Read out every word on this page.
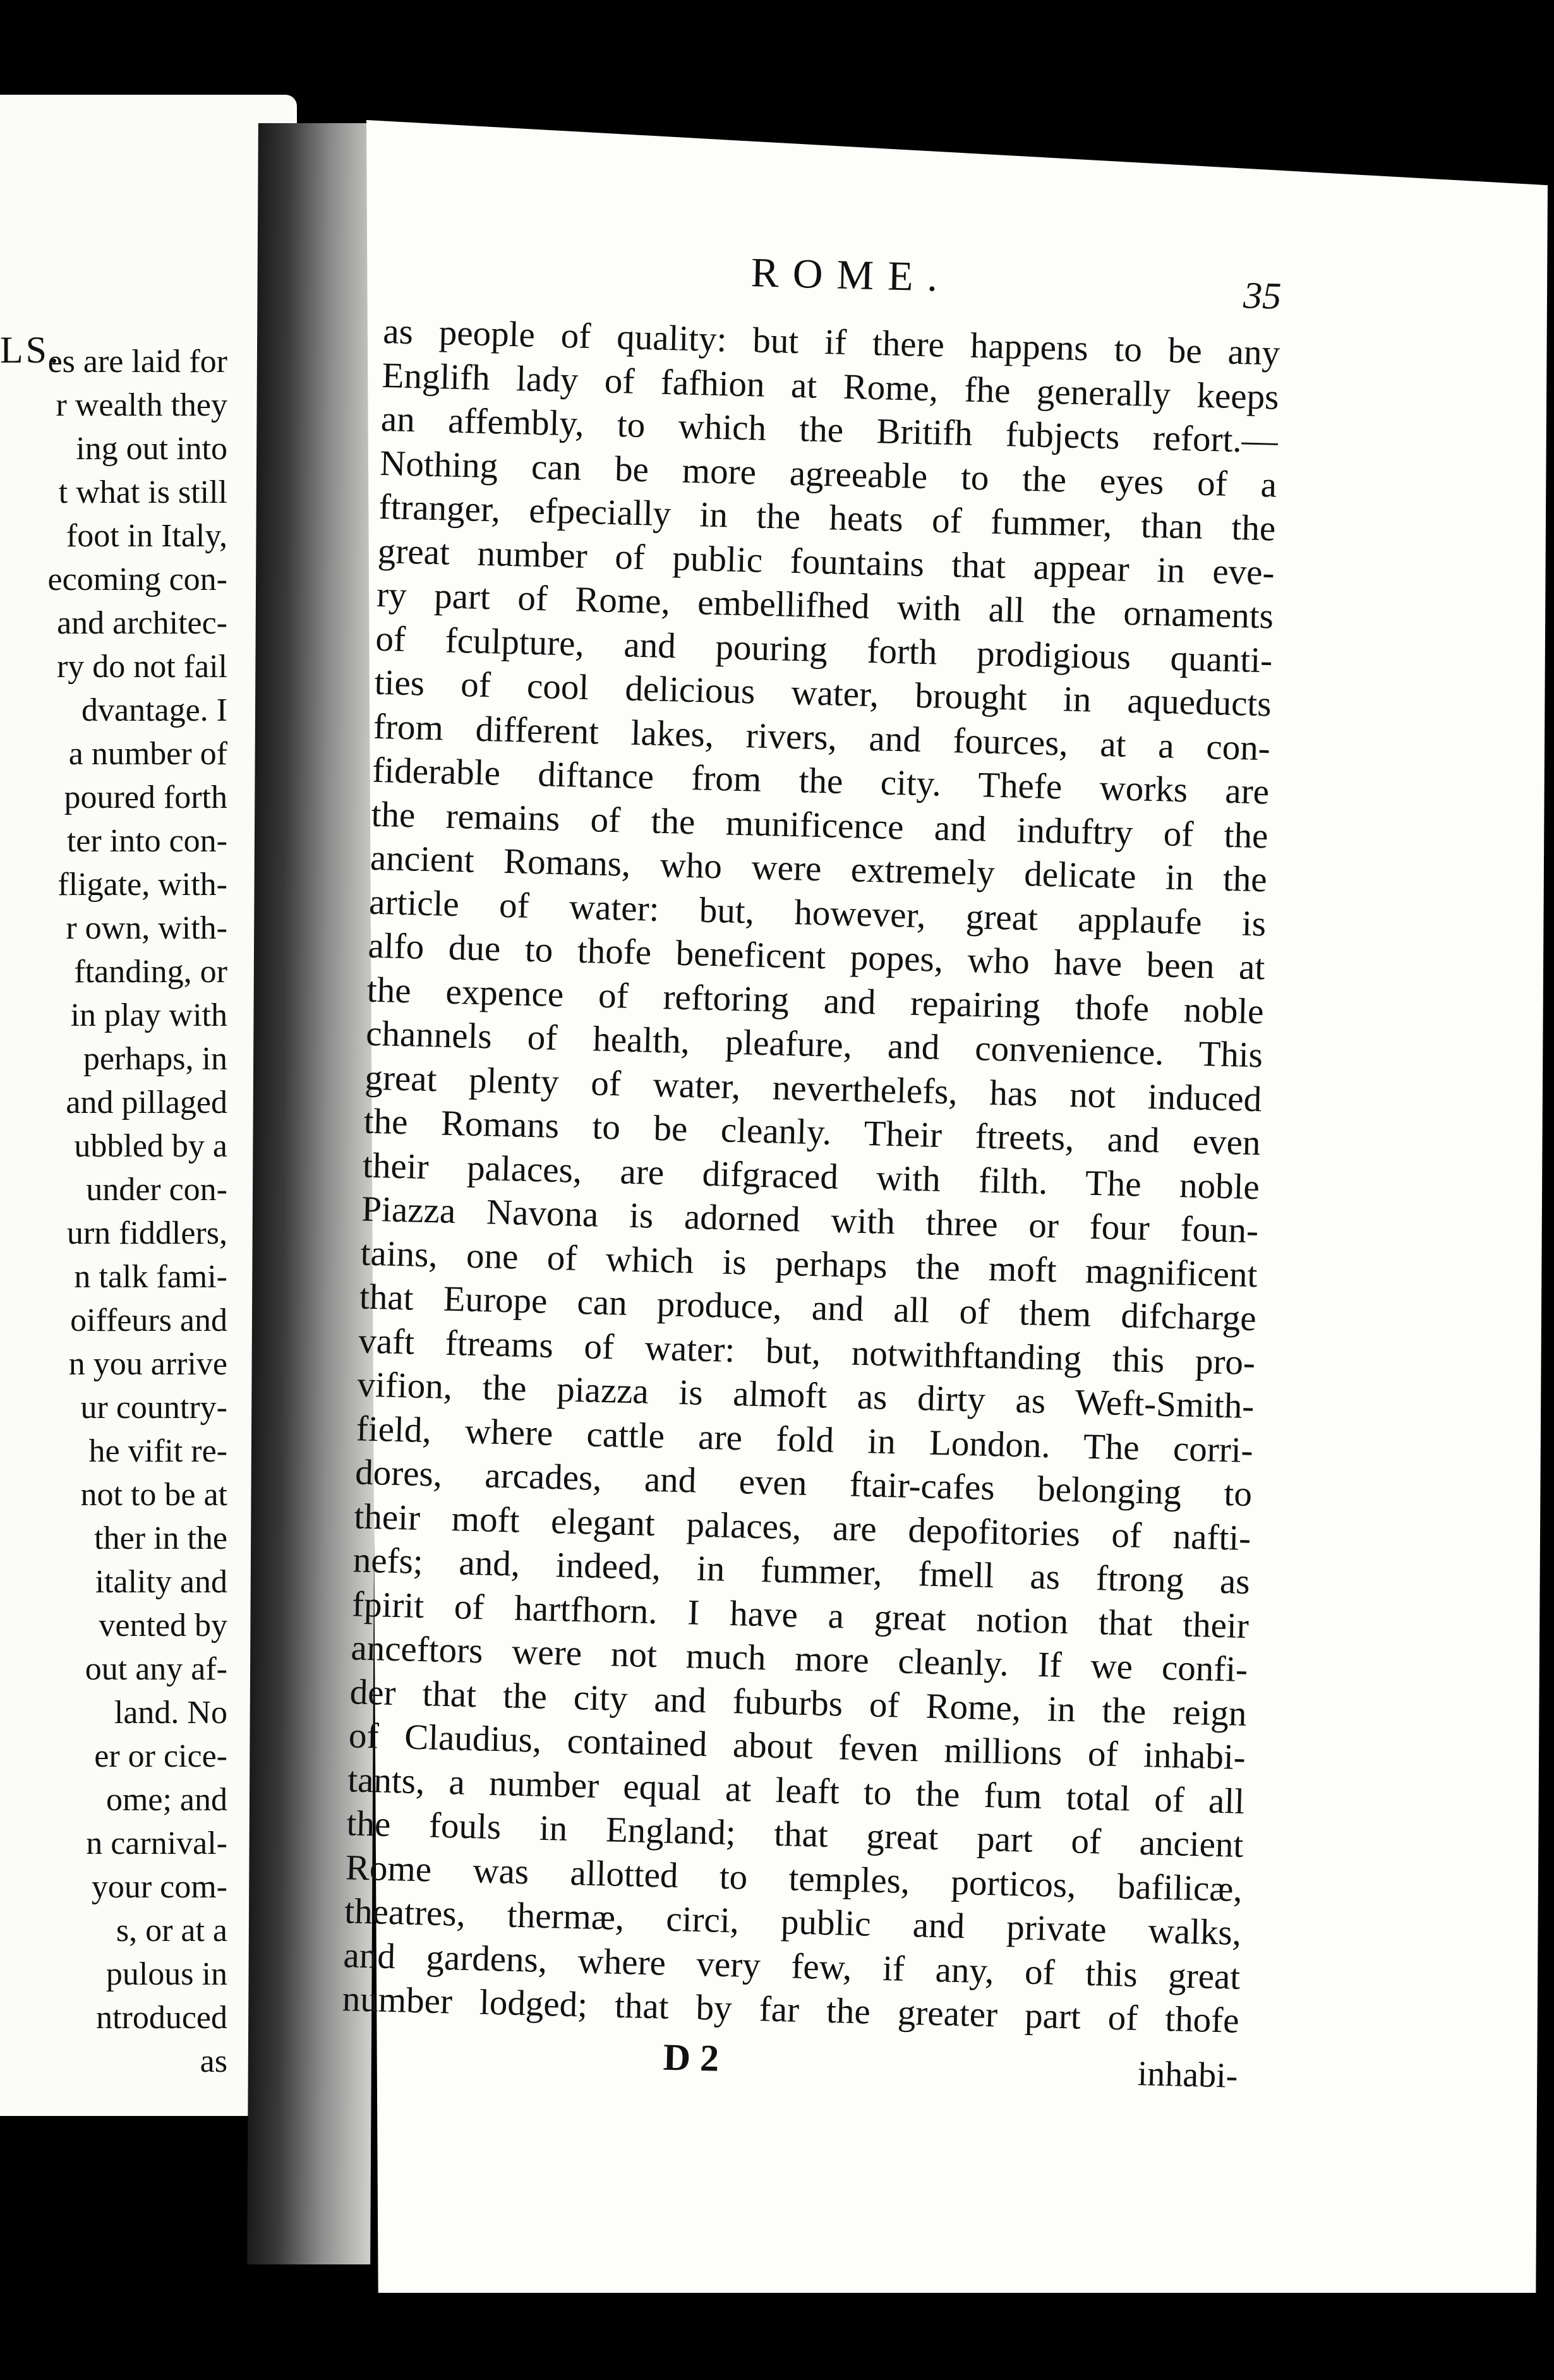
LS.
es are laid for
r wealth they
ing out into
t what is still
foot in Italy,
ecoming con-
and architec-
ry do not fail
dvantage. I
a number of
poured forth
ter into con-
fligate, with-
r own, with-
ftanding, or
in play with
perhaps, in
and pillaged
ubbled by a
under con-
urn fiddlers,
n talk fami-
oiffeurs and
n you arrive
ur country-
he vifit re-
not to be at
ther in the
itality and
vented by
out any af-
land. No
er or cice-
ome; and
n carnival-
your com-
s, or at a
pulous in
ntroduced
as
ROME.	35
as people of quality: but if there happens to be any
Englifh lady of fafhion at Rome, fhe generally keeps
an affembly, to which the Britifh fubjects refort.—
Nothing can be more agreeable to the eyes of a
ftranger, efpecially in the heats of fummer, than the
great number of public fountains that appear in eve-
ry part of Rome, embellifhed with all the ornaments
of fculpture, and pouring forth prodigious quanti-
ties of cool delicious water, brought in aqueducts
from different lakes, rivers, and fources, at a con-
fiderable diftance from the city. Thefe works are
the remains of the munificence and induftry of the
ancient Romans, who were extremely delicate in the
article of water: but, however, great applaufe is
alfo due to thofe beneficent popes, who have been at
the expence of reftoring and repairing thofe noble
channels of health, pleafure, and convenience. This
great plenty of water, neverthelefs, has not induced
the Romans to be cleanly. Their ftreets, and even
their palaces, are difgraced with filth. The noble
Piazza Navona is adorned with three or four foun-
tains, one of which is perhaps the moft magnificent
that Europe can produce, and all of them difcharge
vaft ftreams of water: but, notwithftanding this pro-
vifion, the piazza is almoft as dirty as Weft-Smith-
field, where cattle are fold in London. The corri-
dores, arcades, and even ftair-cafes belonging to
their moft elegant palaces, are depofitories of nafti-
nefs; and, indeed, in fummer, fmell as ftrong as
fpirit of hartfhorn. I have a great notion that their
anceftors were not much more cleanly. If we confi-
der that the city and fuburbs of Rome, in the reign
of Claudius, contained about feven millions of inhabi-
tants, a number equal at leaft to the fum total of all
the fouls in England; that great part of ancient
Rome was allotted to temples, porticos, bafilicæ,
theatres, thermæ, circi, public and private walks,
and gardens, where very few, if any, of this great
number lodged; that by far the greater part of thofe
D 2	inhabi-
